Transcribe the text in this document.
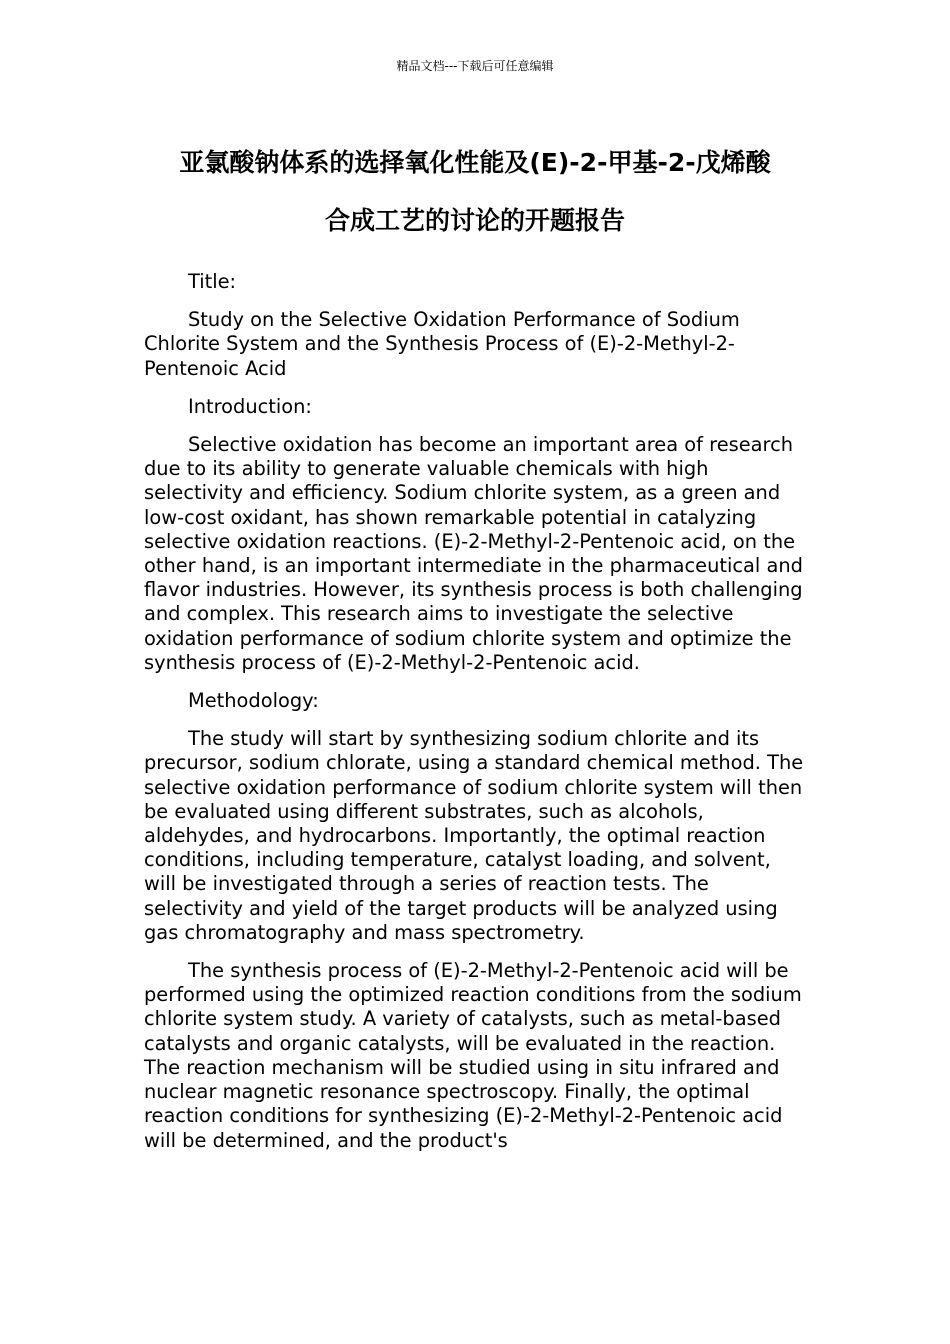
精品文档---下载后可任意编辑
亚氯酸钠体系的选择氧化性能及(E)-2-甲基-2-戊烯酸
合成工艺的讨论的开题报告

Title:

Study on the Selective Oxidation Performance of Sodium Chlorite System and the Synthesis Process of (E)-2-Methyl-2-Pentenoic Acid

Introduction:

Selective oxidation has become an important area of research due to its ability to generate valuable chemicals with high selectivity and efficiency. Sodium chlorite system, as a green and low-cost oxidant, has shown remarkable potential in catalyzing selective oxidation reactions. (E)-2-Methyl-2-Pentenoic acid, on the other hand, is an important intermediate in the pharmaceutical and flavor industries. However, its synthesis process is both challenging and complex. This research aims to investigate the selective oxidation performance of sodium chlorite system and optimize the synthesis process of (E)-2-Methyl-2-Pentenoic acid.

Methodology:

The study will start by synthesizing sodium chlorite and its precursor, sodium chlorate, using a standard chemical method. The selective oxidation performance of sodium chlorite system will then be evaluated using different substrates, such as alcohols, aldehydes, and hydrocarbons. Importantly, the optimal reaction conditions, including temperature, catalyst loading, and solvent, will be investigated through a series of reaction tests. The selectivity and yield of the target products will be analyzed using gas chromatography and mass spectrometry.

The synthesis process of (E)-2-Methyl-2-Pentenoic acid will be performed using the optimized reaction conditions from the sodium chlorite system study. A variety of catalysts, such as metal-based catalysts and organic catalysts, will be evaluated in the reaction. The reaction mechanism will be studied using in situ infrared and nuclear magnetic resonance spectroscopy. Finally, the optimal reaction conditions for synthesizing (E)-2-Methyl-2-Pentenoic acid will be determined, and the product's
